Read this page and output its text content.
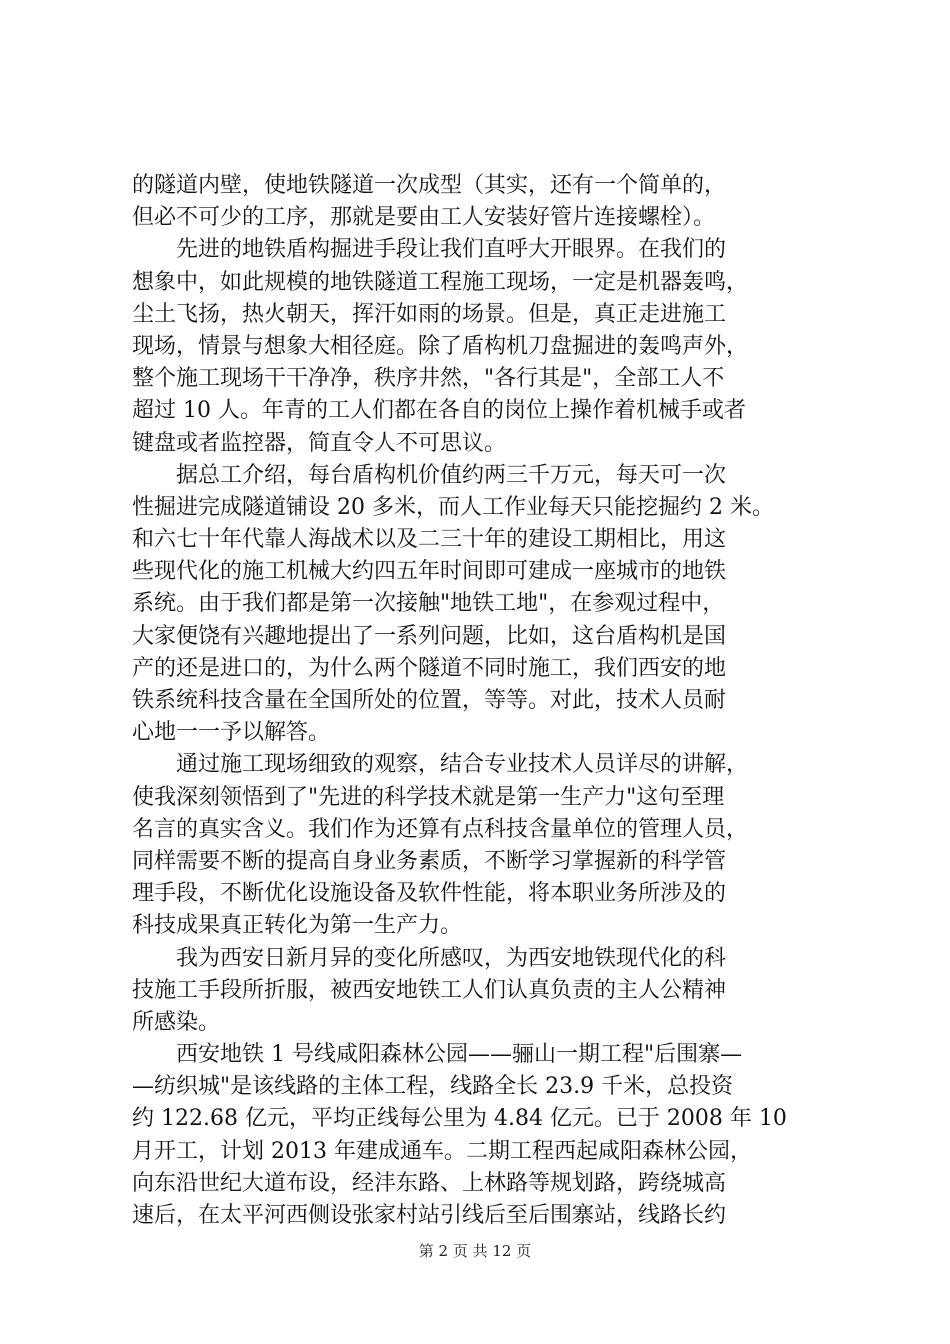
的隧道内壁，使地铁隧道一次成型（其实，还有一个简单的，
但必不可少的工序，那就是要由工人安装好管片连接螺栓）。
　　先进的地铁盾构掘进手段让我们直呼大开眼界。在我们的
想象中，如此规模的地铁隧道工程施工现场，一定是机器轰鸣，
尘土飞扬，热火朝天，挥汗如雨的场景。但是，真正走进施工
现场，情景与想象大相径庭。除了盾构机刀盘掘进的轰鸣声外，
整个施工现场干干净净，秩序井然，"各行其是"，全部工人不
超过 10 人。年青的工人们都在各自的岗位上操作着机械手或者
键盘或者监控器，简直令人不可思议。
　　据总工介绍，每台盾构机价值约两三千万元，每天可一次
性掘进完成隧道铺设 20 多米，而人工作业每天只能挖掘约 2 米。
和六七十年代靠人海战术以及二三十年的建设工期相比，用这
些现代化的施工机械大约四五年时间即可建成一座城市的地铁
系统。由于我们都是第一次接触"地铁工地"，在参观过程中，
大家便饶有兴趣地提出了一系列问题，比如，这台盾构机是国
产的还是进口的，为什么两个隧道不同时施工，我们西安的地
铁系统科技含量在全国所处的位置，等等。对此，技术人员耐
心地一一予以解答。
　　通过施工现场细致的观察，结合专业技术人员详尽的讲解，
使我深刻领悟到了"先进的科学技术就是第一生产力"这句至理
名言的真实含义。我们作为还算有点科技含量单位的管理人员，
同样需要不断的提高自身业务素质，不断学习掌握新的科学管
理手段，不断优化设施设备及软件性能，将本职业务所涉及的
科技成果真正转化为第一生产力。
　　我为西安日新月异的变化所感叹，为西安地铁现代化的科
技施工手段所折服，被西安地铁工人们认真负责的主人公精神
所感染。
　　西安地铁 1 号线咸阳森林公园——骊山一期工程"后围寨—
—纺织城"是该线路的主体工程，线路全长 23.9 千米，总投资
约 122.68 亿元，平均正线每公里为 4.84 亿元。已于 2008 年 10
月开工，计划 2013 年建成通车。二期工程西起咸阳森林公园，
向东沿世纪大道布设，经沣东路、上林路等规划路，跨绕城高
速后，在太平河西侧设张家村站引线后至后围寨站，线路长约
第 2 页 共 12 页
